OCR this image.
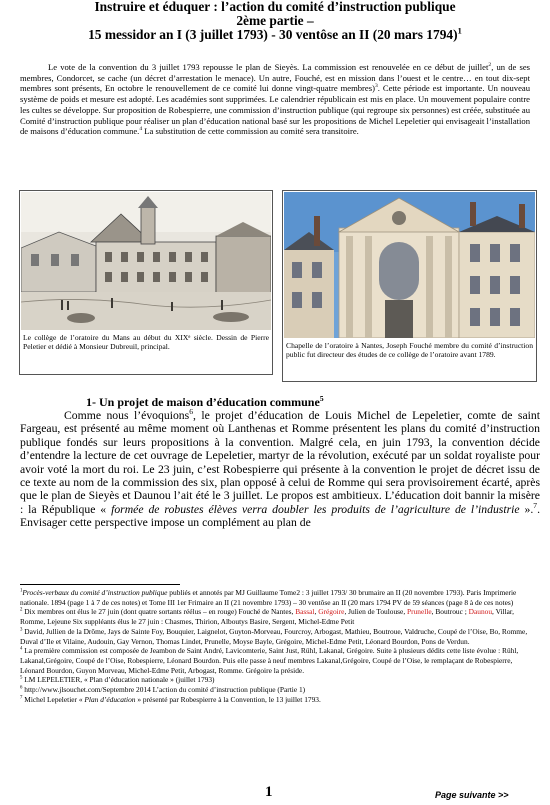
Instruire et éduquer : l’action du comité d’instruction publique
2ème partie –
15 messidor an I (3 juillet 1793) - 30 ventôse an II (20 mars 1794)$^1$

Le vote de la convention du 3 juillet 1793 repousse le plan de Sieyès. La commission est renouvelée en ce début de juillet$^2$, un de ses membres, Condorcet, se cache (un décret d’arrestation le menace). Un autre, Fouché, est en mission dans l’ouest et le centre… en tout dix-sept membres sont présents, En octobre le renouvellement de ce comité lui donne vingt-quatre membres)$^3$. Cette période est importante. Un nouveau système de poids et mesure est adopté. Les académies sont supprimées. Le calendrier républicain est mis en place. Un mouvement populaire contre les cultes se développe. Sur proposition de Robespierre, une commission d’instruction publique (qui regroupe six personnes) est créée, substituée au Comité d’instruction publique pour réaliser un plan d’éducation national basé sur les propositions de Michel Lepeletier qui envisageait l’installation de maisons d’éducation commune.$^4$ La substitution de cette commission au comité sera transitoire.

Le collège de l’oratoire du Mans au début du XIXᵉ siècle. Dessin de Pierre Peletier et dédié à Monsieur Dubreuil, principal.	Chapelle de l’oratoire à Nantes, Joseph Fouché membre du comité d’instruction public fut directeur des études de ce collège de l’oratoire avant 1789.
1- Un projet de maison d’éducation commune$^5$

Comme nous l’évoquions$^6$, le projet d’éducation de Louis Michel de Lepeletier, comte de saint Fargeau, est présenté au même moment où Lanthenas et Romme présentent les plans du comité d’instruction publique fondés sur leurs propositions à la convention. Malgré cela, en juin 1793, la convention décide d’entendre la lecture de cet ouvrage de Lepeletier, martyr de la révolution, exécuté par un soldat royaliste pour avoir voté la mort du roi. Le 23 juin, c’est Robespierre qui présente à la convention le projet de décret issu de ce texte au nom de la commission des six, plan opposé à celui de Romme qui sera provisoirement écarté, après que le plan de Sieyès et Daunou l’ait été le 3 juillet. Le propos est ambitieux. L’éducation doit bannir la misère : la République « formée de robustes élèves verra doubler les produits de l’agriculture de l’industrie ».$^7$. Envisager cette perspective impose un complément au plan de

$^1$Procès-verbaux du comité d’instruction publique publiés et annotés par MJ Guillaume Tome2 : 3 juillet 1793/ 30 brumaire an II (20 novembre 1793). Paris Imprimerie nationale. 1894 (page 1 à 7 de ces notes) et Tome III 1er Frimaire an II (21 novembre 1793) – 30 ventôse an II (20 mars 1794 PV de 59 séances (page 8 à de ces notes)

$^2$ Dix membres ont élus le 27 juin (dont quatre sortants réélus – en rouge) Fouché de Nantes, Bassal, Grégoire, Julien de Toulouse, Prunelle, Boutrouc ; Daunou, Villar, Romme, Lejeune Six suppléants élus le 27 juin : Chasmes, Thirion, Alboutys Basire, Sergent, Michel-Edme Petit

$^3$ David, Jullien de la Drôme, Jays de Sainte Foy, Bouquier, Laignelot, Guyton-Morveau, Fourcroy, Arbogast, Mathieu, Boutroue, Valdruche, Coupé de l’Oise, Bo, Romme, Duval d’Ile et Vilaine, Audouin, Gay Vernon, Thomas Lindet, Prunelle, Moyse Bayle, Grégoire, Michel-Edme Petit, Léonard Bourdon, Pons de Verdun.

$^4$ La première commission est composée de Jeambon de Saint André, Lavicomterie, Saint Just, Rühl, Lakanal, Grégoire. Suite à plusieurs dédits cette liste évolue : Rühl, Lakanal,Grégoire, Coupé de l’Oise, Robespierre, Léonard Bourdon. Puis elle passe à neuf membres Lakanal,Grégoire, Coupé de l’Oise, le remplaçant de Robespierre, Léonard Bourdon, Guyon Morveau, Michel-Edme Petit, Arbogast, Romme. Grégoire la préside.

$^5$ LM LEPELETIER, « Plan d’éducation nationale » (juillet 1793)

$^6$ http://www.jlsouchet.com/Septembre 2014 L’action du comité d’instruction publique (Partie 1)

$^7$ Michel Lepeletier « Plan d’éducation » présenté par Robespierre à la Convention, le 13 juillet 1793.

1	Page suivante >>
